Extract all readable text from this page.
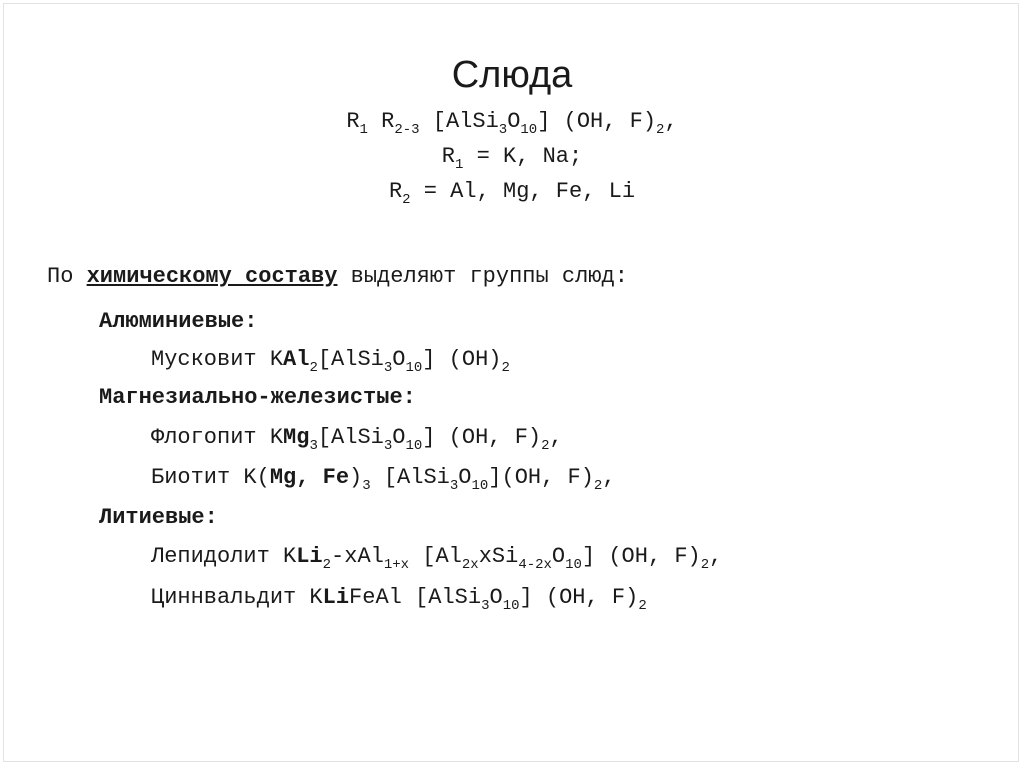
Слюда
$R_1$ $R_{2-3}$ $[AlSi_3O_{10}]$ (OH, $F)_2$,
$R_1 = K$, Na;
$R_2 = Al$, Mg, Fe, Li
По химическому составу выделяют группы слюд:
Алюминиевые:
Мусковит $KAl_2[AlSi_3O_{10}]$ $(OH)_2$
Магнезиально-железистые:
Флогопит $KMg_3[AlSi_3O_{10}]$ (OH, $F)_2$,
Биотит K(Mg, $Fe)_3$ $[AlSi_3O_{10}](OH$, $F)_2$,
Литиевые:
Лепидолит KLi$_2$-xAl$_{1+x}$ $[Al_{2x}xSi_{4-2x}O_{10}]$ (OH, $F)_2$,
Циннвальдит KLiFeAl $[AlSi_3O_{10}]$ (OH, $F)_2$
